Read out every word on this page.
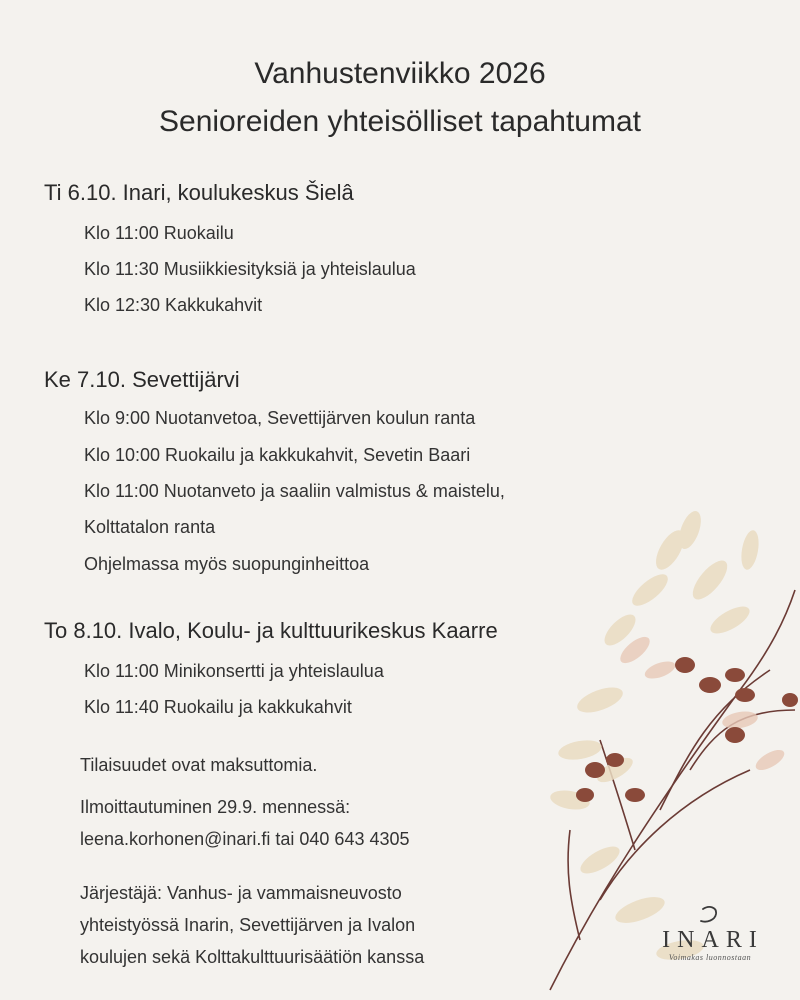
Vanhustenviikko 2026
Senioreiden yhteisölliset tapahtumat
Ti 6.10. Inari, koulukeskus Šielâ
Klo 11:00 Ruokailu
Klo 11:30 Musiikkiesityksiä ja yhteislaulua
Klo 12:30 Kakkukahvit
Ke 7.10. Sevettijärvi
Klo 9:00 Nuotanvetoa, Sevettijärven koulun ranta
Klo 10:00 Ruokailu ja kakkukahvit, Sevetin Baari
Klo 11:00 Nuotanveto ja saaliin valmistus & maistelu,
Kolttatalon ranta
Ohjelmassa myös suopunginheittoa
To 8.10. Ivalo, Koulu- ja kulttuurikeskus Kaarre
Klo 11:00 Minikonsertti ja yhteislaulua
Klo 11:40 Ruokailu ja kakkukahvit
Tilaisuudet ovat maksuttomia.
Ilmoittautuminen 29.9. mennessä:
leena.korhonen@inari.fi tai 040 643 4305
Järjestäjä: Vanhus- ja vammaisneuvosto
yhteistyössä Inarin, Sevettijärven ja Ivalon
koulujen sekä Kolttakulttuurisäätiön kanssa
INARI
Voimakas luonnostaan
